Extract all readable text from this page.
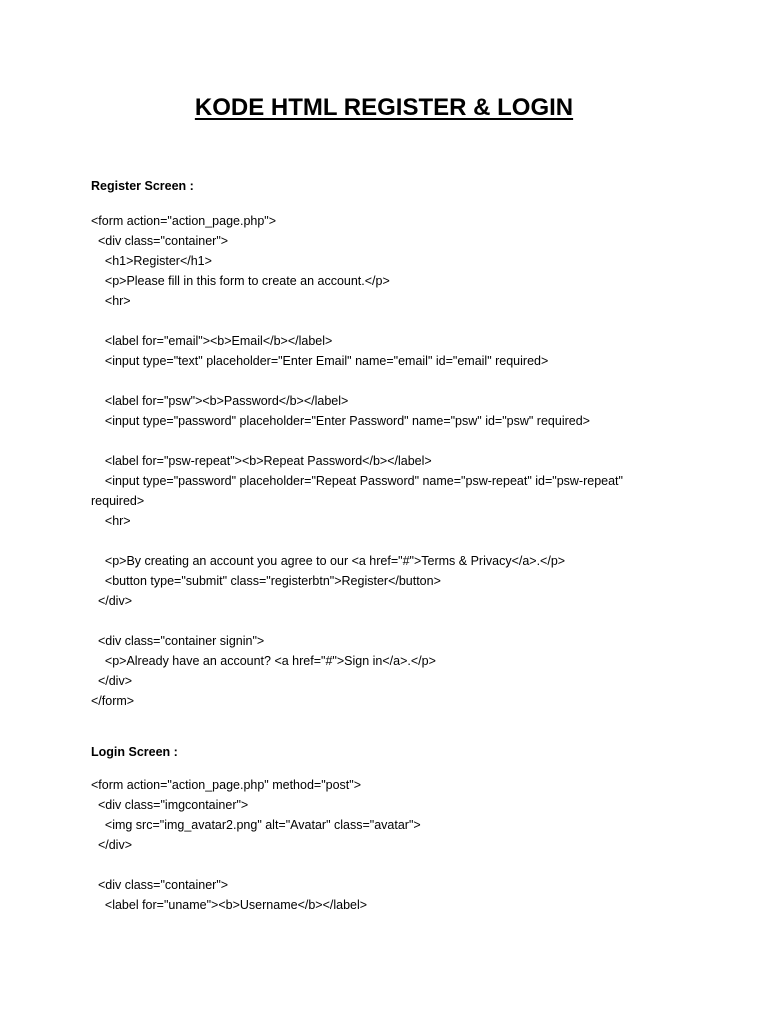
KODE HTML REGISTER & LOGIN
Register Screen :
<form action="action_page.php">
<div class="container">
<h1>Register</h1>
<p>Please fill in this form to create an account.</p>
<hr>
<label for="email"><b>Email</b></label>
<input type="text" placeholder="Enter Email" name="email" id="email" required>
<label for="psw"><b>Password</b></label>
<input type="password" placeholder="Enter Password" name="psw" id="psw" required>
<label for="psw-repeat"><b>Repeat Password</b></label>
<input type="password" placeholder="Repeat Password" name="psw-repeat" id="psw-repeat"
required>
<hr>
<p>By creating an account you agree to our <a href="#">Terms & Privacy</a>.</p>
<button type="submit" class="registerbtn">Register</button>
</div>
<div class="container signin">
<p>Already have an account? <a href="#">Sign in</a>.</p>
</div>
</form>
Login Screen :
<form action="action_page.php" method="post">
<div class="imgcontainer">
<img src="img_avatar2.png" alt="Avatar" class="avatar">
</div>
<div class="container">
<label for="uname"><b>Username</b></label>
